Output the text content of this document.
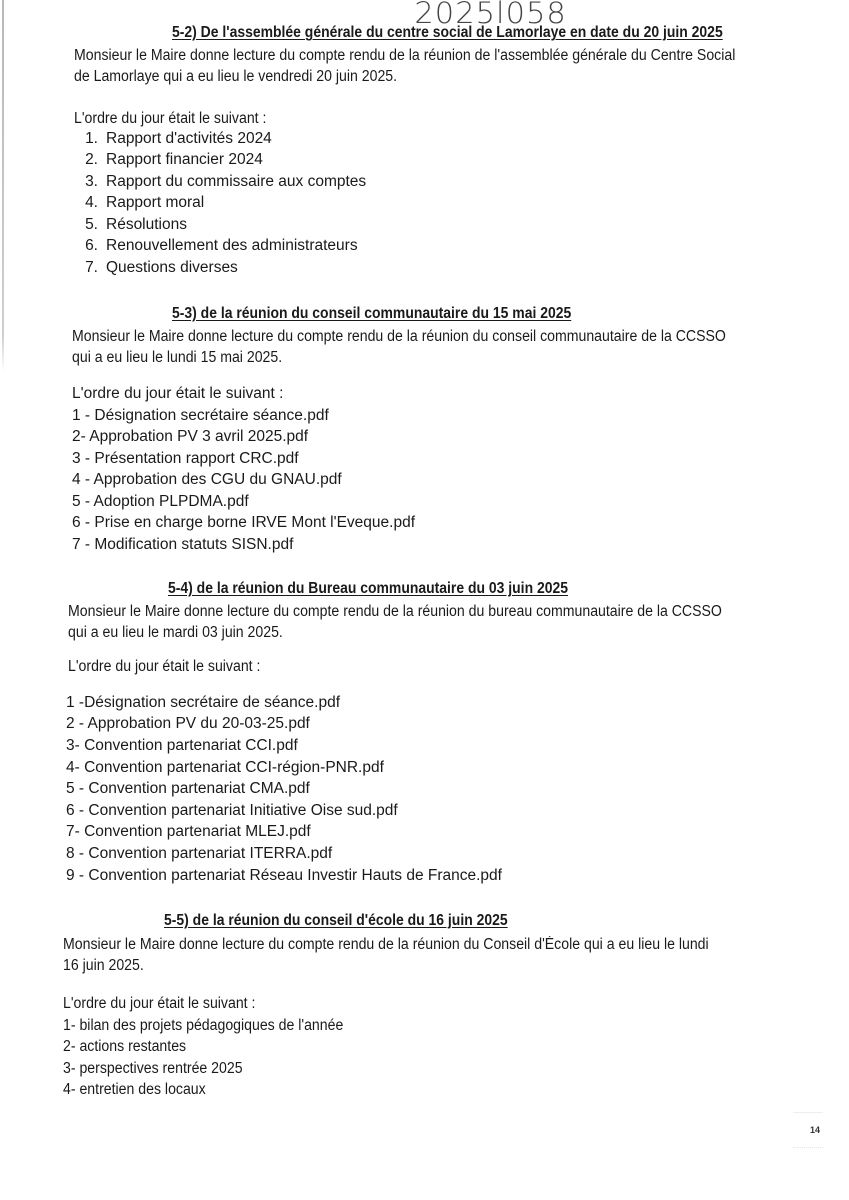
2025l058
5-2) De l'assemblée générale du centre social de Lamorlaye en date du 20 juin 2025
Monsieur le Maire donne lecture du compte rendu de la réunion de l'assemblée générale du Centre Social
de Lamorlaye qui a eu lieu le vendredi 20 juin 2025.
L'ordre du jour était le suivant :
1. Rapport d'activités 2024
2. Rapport financier 2024
3. Rapport du commissaire aux comptes
4. Rapport moral
5. Résolutions
6. Renouvellement des administrateurs
7. Questions diverses
5-3) de la réunion du conseil communautaire du 15 mai 2025
Monsieur le Maire donne lecture du compte rendu de la réunion du conseil communautaire de la CCSSO
qui a eu lieu le lundi 15 mai 2025.
L'ordre du jour était le suivant :
1 - Désignation secrétaire séance.pdf
2- Approbation PV 3 avril 2025.pdf
3 - Présentation rapport CRC.pdf
4 - Approbation des CGU du GNAU.pdf
5 - Adoption PLPDMA.pdf
6 - Prise en charge borne IRVE Mont l'Eveque.pdf
7 - Modification statuts SISN.pdf
5-4) de la réunion du Bureau communautaire du 03 juin 2025
Monsieur le Maire donne lecture du compte rendu de la réunion du bureau communautaire de la CCSSO
qui a eu lieu le mardi 03 juin 2025.
L'ordre du jour était le suivant :
1 -Désignation secrétaire de séance.pdf
2 - Approbation PV du 20-03-25.pdf
3- Convention partenariat CCI.pdf
4- Convention partenariat CCI-région-PNR.pdf
5 - Convention partenariat CMA.pdf
6 - Convention partenariat Initiative Oise sud.pdf
7- Convention partenariat MLEJ.pdf
8 - Convention partenariat ITERRA.pdf
9 - Convention partenariat Réseau Investir Hauts de France.pdf
5-5) de la réunion du conseil d'école du 16 juin 2025
Monsieur le Maire donne lecture du compte rendu de la réunion du Conseil d'École qui a eu lieu le lundi
16 juin 2025.
L'ordre du jour était le suivant :
1- bilan des projets pédagogiques de l'année
2- actions restantes
3- perspectives rentrée 2025
4- entretien des locaux
14
